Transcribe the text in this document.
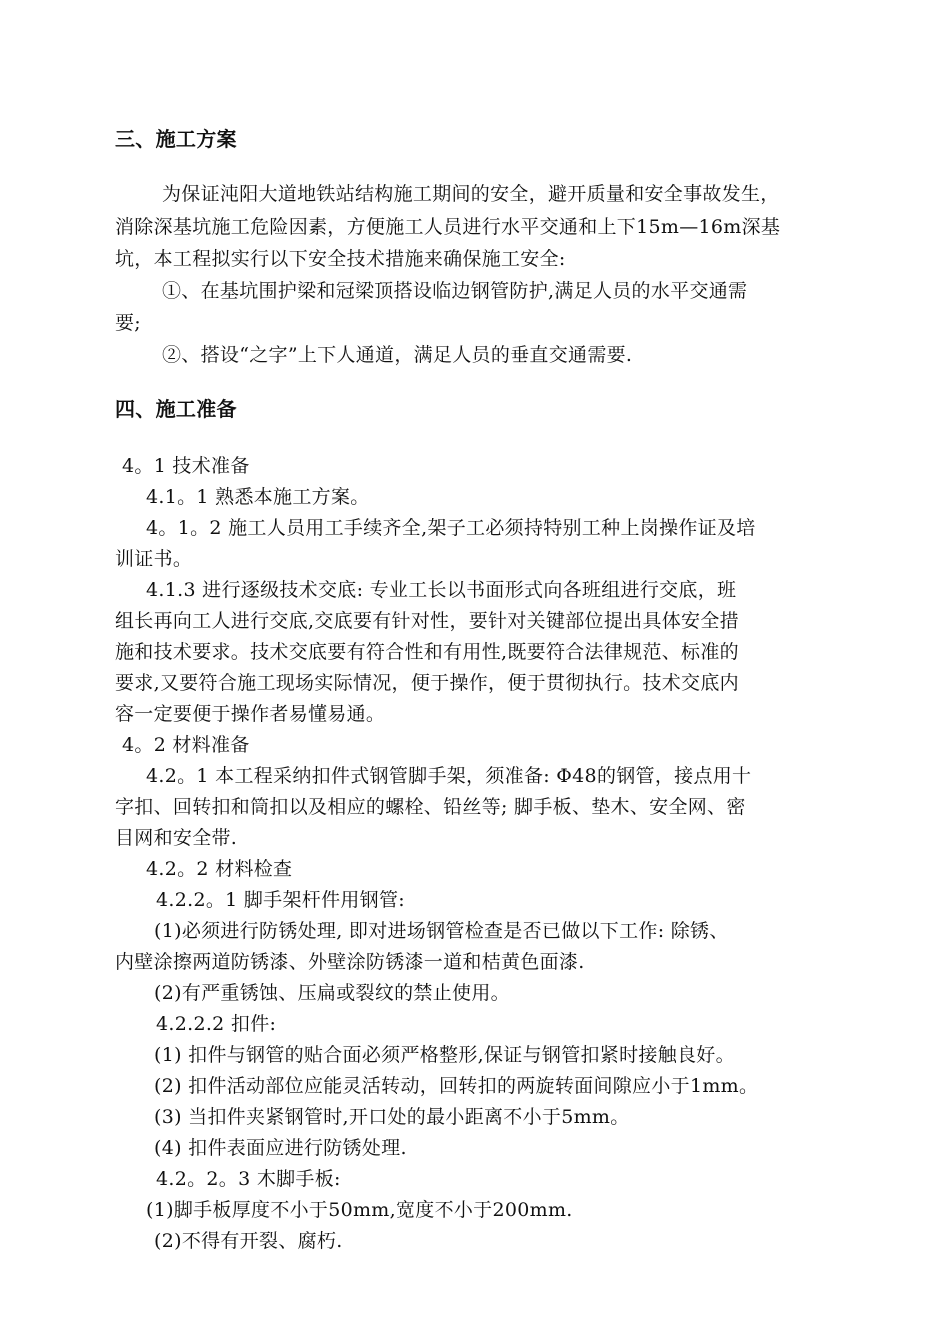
三、施工方案
为保证沌阳大道地铁站结构施工期间的安全，避开质量和安全事故发生，
消除深基坑施工危险因素，方便施工人员进行水平交通和上下15m—16m深基
坑，本工程拟实行以下安全技术措施来确保施工安全:
①、在基坑围护梁和冠梁顶搭设临边钢管防护,满足人员的水平交通需
要;
②、搭设“之字”上下人通道，满足人员的垂直交通需要.
四、施工准备
4。1 技术准备
4.1。1 熟悉本施工方案。
4。1。2 施工人员用工手续齐全,架子工必须持特别工种上岗操作证及培
训证书。
4.1.3 进行逐级技术交底: 专业工长以书面形式向各班组进行交底，班
组长再向工人进行交底,交底要有针对性，要针对关键部位提出具体安全措
施和技术要求。技术交底要有符合性和有用性,既要符合法律规范、标准的
要求,又要符合施工现场实际情况，便于操作，便于贯彻执行。技术交底内
容一定要便于操作者易懂易通。
4。2 材料准备
4.2。1 本工程采纳扣件式钢管脚手架，须准备: Φ48的钢管，接点用十
字扣、回转扣和筒扣以及相应的螺栓、铅丝等; 脚手板、垫木、安全网、密
目网和安全带.
4.2。2 材料检查
4.2.2。1 脚手架杆件用钢管:
(1)必须进行防锈处理, 即对进场钢管检查是否已做以下工作: 除锈、
内壁涂擦两道防锈漆、外壁涂防锈漆一道和桔黄色面漆.
(2)有严重锈蚀、压扁或裂纹的禁止使用。
4.2.2.2 扣件:
(1) 扣件与钢管的贴合面必须严格整形,保证与钢管扣紧时接触良好。
(2) 扣件活动部位应能灵活转动，回转扣的两旋转面间隙应小于1mm。
(3) 当扣件夹紧钢管时,开口处的最小距离不小于5mm。
(4) 扣件表面应进行防锈处理.
4.2。2。3 木脚手板:
(1)脚手板厚度不小于50mm,宽度不小于200mm.
(2)不得有开裂、腐朽.
